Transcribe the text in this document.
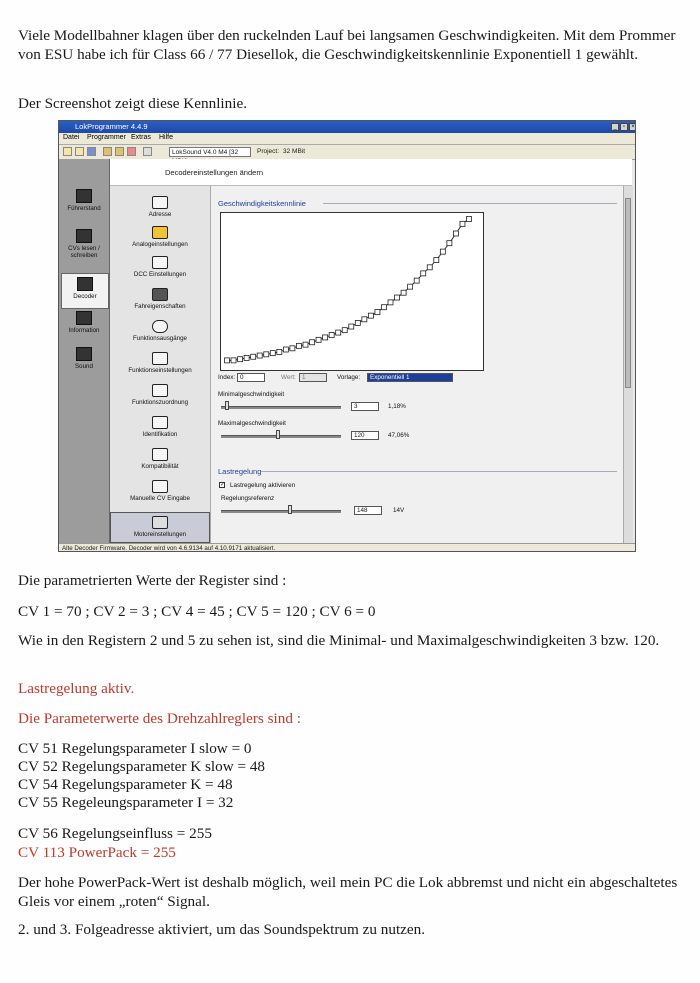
Viele Modellbahner klagen über den ruckelnden Lauf bei langsamen Geschwindigkeiten. Mit dem Prommer von ESU habe ich für Class 66 / 77 Diesellok, die Geschwindigkeitskennlinie Exponentiell 1 gewählt.

Der Screenshot zeigt diese Kennlinie.

LokProgrammer 4.4.9	_	▫	×
Datei Programmer Extras Hilfe
LokSound V4.0 M4 [32	Project: 32 MBit
Führerstand
CVs lesen / schreiben
Decoder
Information
Sound
Decodereinstellungen ändern
Adresse
Analogeinstellungen
DCC Einstellungen
Fahreigenschaften
Funktionsausgänge
Funktionseinstellungen
Funktionszuordnung
Identifikation
Kompatibilität
Manuelle CV Eingabe
Motoreinstellungen
Geschwindigkeitskennlinie
Index: 0	Wert: 1	Vorlage:	Exponentiell 1
Minimalgeschwindigkeit
3	1,18%
Maximalgeschwindigkeit
120	47,06%
Lastregelung
✓ Lastregelung aktivieren
Regelungsreferenz
148	14V
Alte Decoder Firmware. Decoder wird von 4.6.9134 auf 4.10.9171 aktualisiert.

Die parametrierten Werte der Register sind :

CV 1 = 70 ; CV 2 = 3 ; CV 4 = 45 ; CV 5 = 120 ; CV 6 = 0

Wie in den Registern 2 und 5 zu sehen ist, sind die Minimal- und Maximalgeschwindigkeiten 3 bzw. 120.

Lastregelung aktiv.

Die Parameterwerte des Drehzahlreglers sind :

CV 51 Regelungsparameter I slow = 0

CV 52 Regelungsparameter K slow = 48

CV 54 Regelungsparameter K = 48

CV 55 Regeleungsparameter I = 32

CV 56 Regelungseinfluss = 255

CV 113 PowerPack = 255

Der hohe PowerPack-Wert ist deshalb möglich, weil mein PC die Lok abbremst und nicht ein abgeschaltetes Gleis vor einem „roten“ Signal.

2. und 3. Folgeadresse aktiviert, um das Soundspektrum zu nutzen.
